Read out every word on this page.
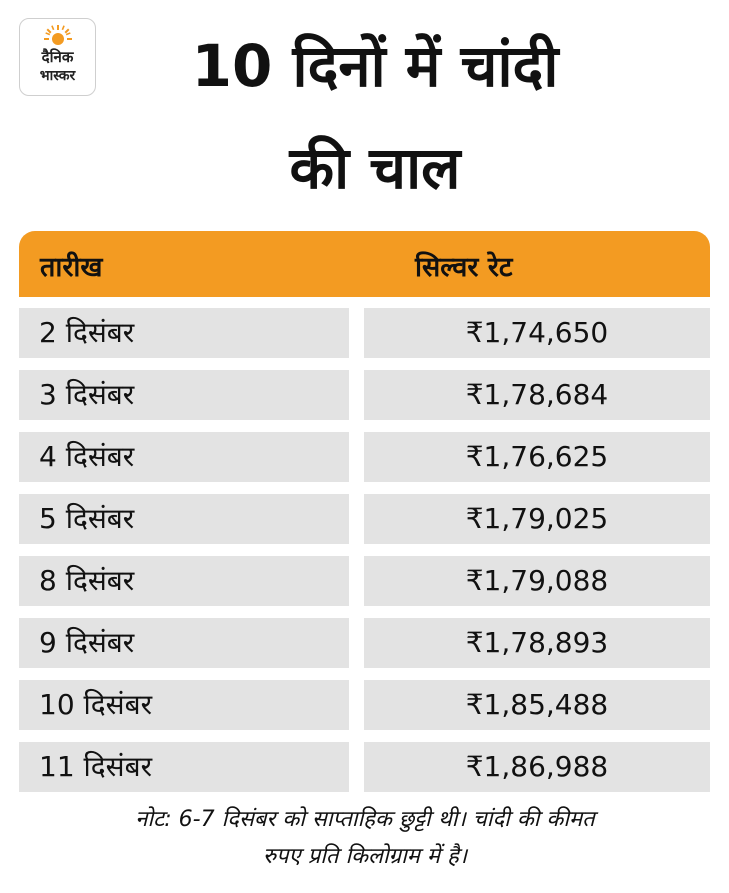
दैनिक
भास्कर	10 दिनों में चांदी
की चाल
तारीख	सिल्वर रेट
2 दिसंबर	₹1,74,650
3 दिसंबर	₹1,78,684
4 दिसंबर	₹1,76,625
5 दिसंबर	₹1,79,025
8 दिसंबर	₹1,79,088
9 दिसंबर	₹1,78,893
10 दिसंबर	₹1,85,488
11 दिसंबर	₹1,86,988
नोट: 6-7 दिसंबर को साप्ताहिक छुट्टी थी। चांदी की कीमत
रुपए प्रति किलोग्राम में है।
